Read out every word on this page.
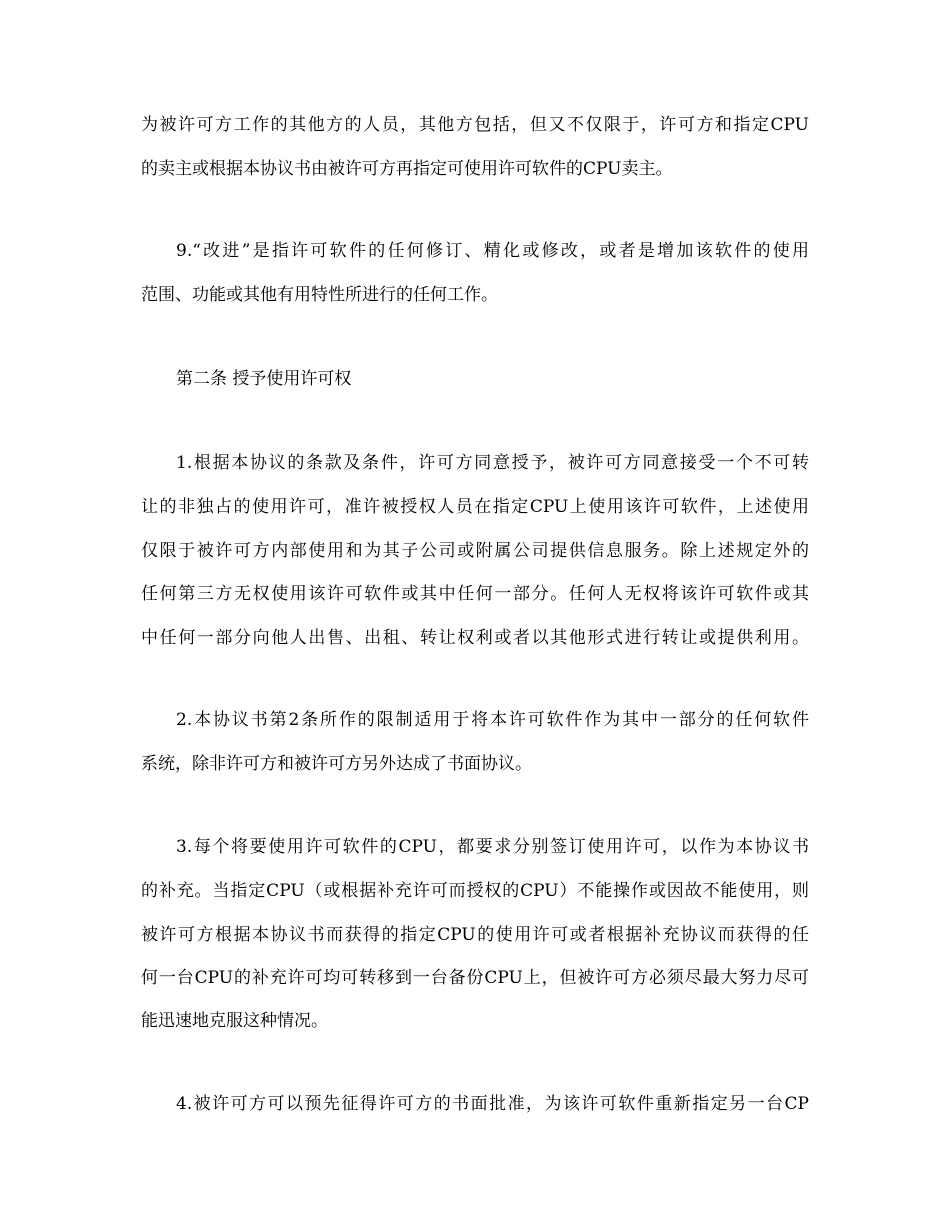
为被许可方工作的其他方的人员，其他方包括，但又不仅限于，许可方和指定CPU
的卖主或根据本协议书由被许可方再指定可使用许可软件的CPU卖主。
9.“改进”是指许可软件的任何修订、精化或修改，或者是增加该软件的使用
范围、功能或其他有用特性所进行的任何工作。
第二条 授予使用许可权
1.根据本协议的条款及条件，许可方同意授予，被许可方同意接受一个不可转
让的非独占的使用许可，准许被授权人员在指定CPU上使用该许可软件，上述使用
仅限于被许可方内部使用和为其子公司或附属公司提供信息服务。除上述规定外的
任何第三方无权使用该许可软件或其中任何一部分。任何人无权将该许可软件或其
中任何一部分向他人出售、出租、转让权利或者以其他形式进行转让或提供利用。
2.本协议书第2条所作的限制适用于将本许可软件作为其中一部分的任何软件
系统，除非许可方和被许可方另外达成了书面协议。
3.每个将要使用许可软件的CPU，都要求分别签订使用许可，以作为本协议书
的补充。当指定CPU（或根据补充许可而授权的CPU）不能操作或因故不能使用，则
被许可方根据本协议书而获得的指定CPU的使用许可或者根据补充协议而获得的任
何一台CPU的补充许可均可转移到一台备份CPU上，但被许可方必须尽最大努力尽可
能迅速地克服这种情况。
4.被许可方可以预先征得许可方的书面批准，为该许可软件重新指定另一台CP
